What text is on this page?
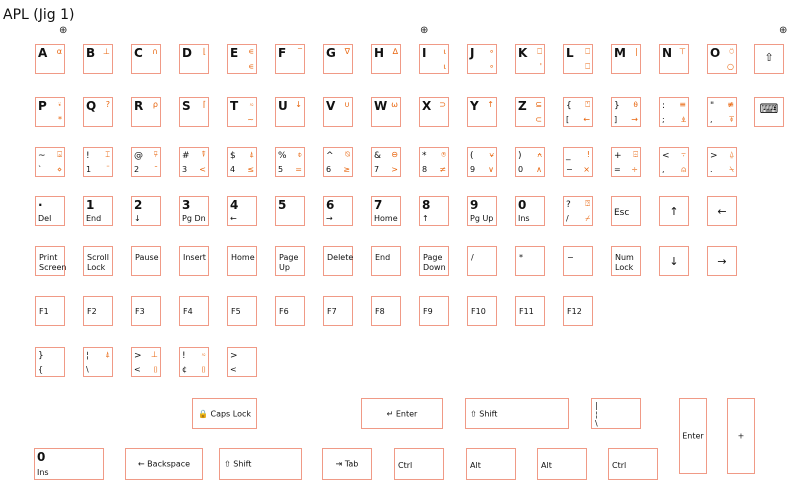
APL (Jig 1)
⊕	⊕	⊕
⇧
⌨
🔒 Caps Lock	↵ Enter	⇧ Shift
|
¦
\
Enter	+
0
Ins
← Backspace	⇧ Shift	⇥ Tab	Ctrl	Alt	Alt	Ctrl
A α B ⊥ C ∩ D ⌊ E ∊
∊
F ‾ G ∇ H ∆ I ⍳
⍳
J ∘
∘
K ⎕
'
L ⎕
⎕
M | N ⊤ O ⍥
○
P ⍣
*
Q ? R ρ S ⌈ T ⍨
~
U ↓ V ∪ W ⍵ X ⊃ Y ↑ Z ⊆
⊂
{ ⍞
[ ←
} ⍬
] →
: ≡
; ⍎
" ≢
, ⍕
~ ⌺
` ⋄
! ⌶
1 ¨
@ ⍫
2 ¯
# ⍒
3 <
$ ⍋
4 ≤
% ⌽
5 =
^ ⍉
6 ≥
& ⊖
7 >
* ⍟
8 ≠
( ⍱
9 ∨
) ⍲
0 ∧
_ !
− ×
+ ⌹
= ÷
< ⍪
, ⍝
> ⍙
. ⍀
·
Del
1
End
2
↓
3
Pg Dn
4
←
5	6
→
7
Home
8
↑
9
Pg Up
0
Ins
?
/
⍰
⌿
Esc	↑	←
Print Screen
Scroll Lock
Pause	Insert	Home	Page Up
Delete	End	Page Down
/	*	−	Num Lock	↓	→
F1	F2	F3	F4	F5	F6	F7	F8	F9	F10	F11	F12
}
{
¦ ⍋
\
> ⊥
< ⌷
! ⍨
¢ ⌷
>
<
